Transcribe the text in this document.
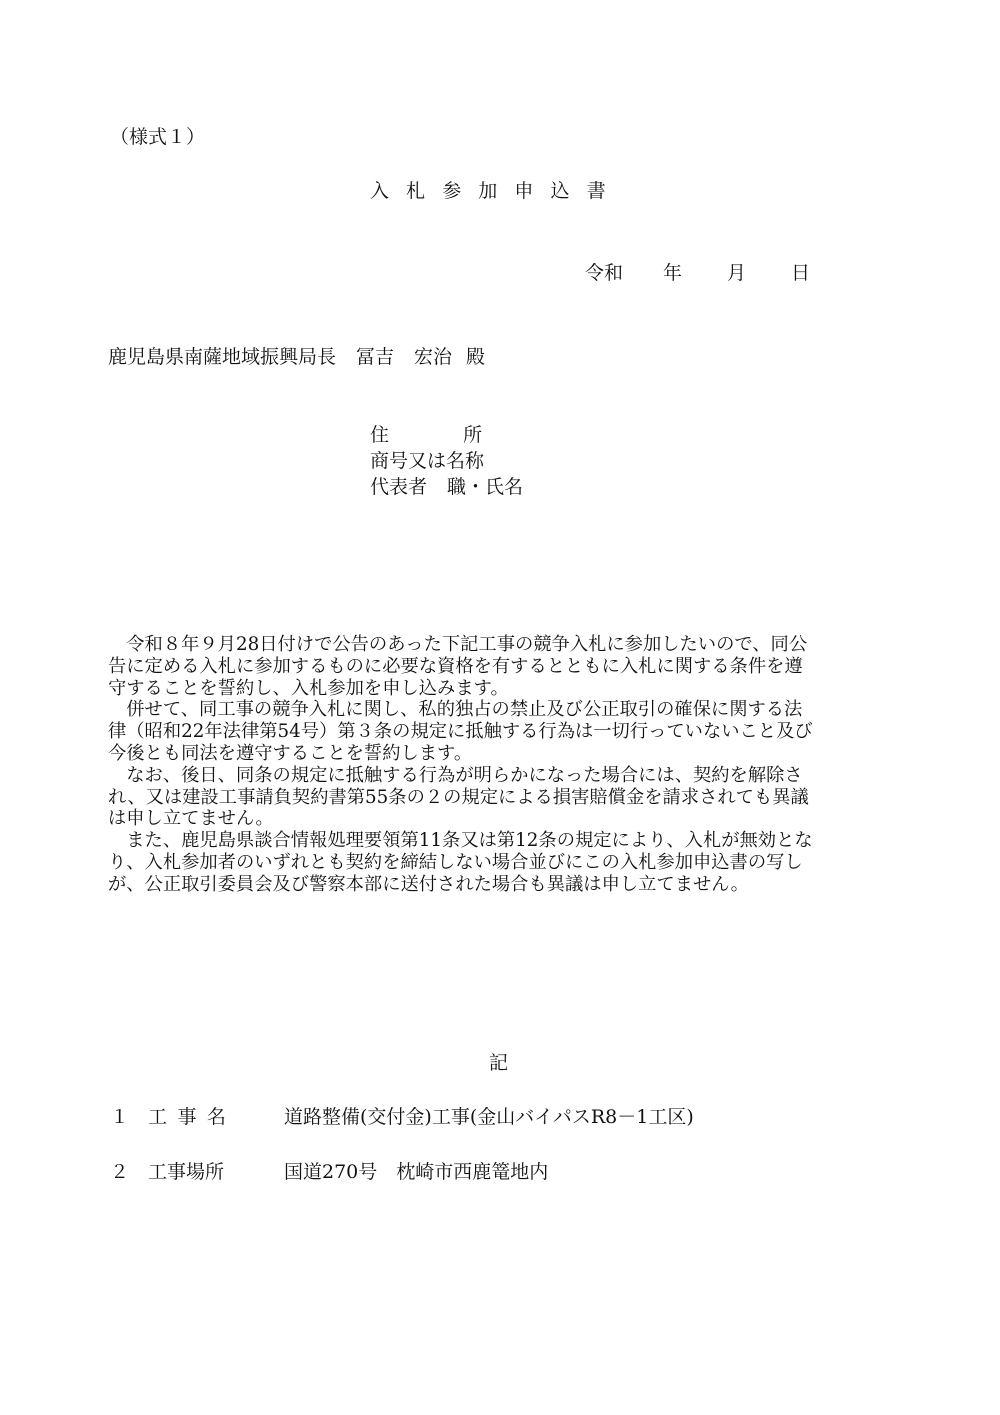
（様式１）
入札参加申込書
令和 年 月 日
鹿児島県南薩地域振興局長 冨吉 宏治 殿
住所
商号又は名称
代表者 職・氏名
　令和８年９月28日付けで公告のあった下記工事の競争入札に参加したいので、同公
告に定める入札に参加するものに必要な資格を有するとともに入札に関する条件を遵
守することを誓約し、入札参加を申し込みます。
　併せて、同工事の競争入札に関し、私的独占の禁止及び公正取引の確保に関する法
律（昭和22年法律第54号）第３条の規定に抵触する行為は一切行っていないこと及び
今後とも同法を遵守することを誓約します。
　なお、後日、同条の規定に抵触する行為が明らかになった場合には、契約を解除さ
れ、又は建設工事請負契約書第55条の２の規定による損害賠償金を請求されても異議
は申し立てません。
　また、鹿児島県談合情報処理要領第11条又は第12条の規定により、入札が無効とな
り、入札参加者のいずれとも契約を締結しない場合並びにこの入札参加申込書の写し
が、公正取引委員会及び警察本部に送付された場合も異議は申し立てません。
記
１ 工事名	道路整備(交付金)工事(金山バイパスR8－1工区)
２ 工事場所	国道270号　枕崎市西鹿篭地内
